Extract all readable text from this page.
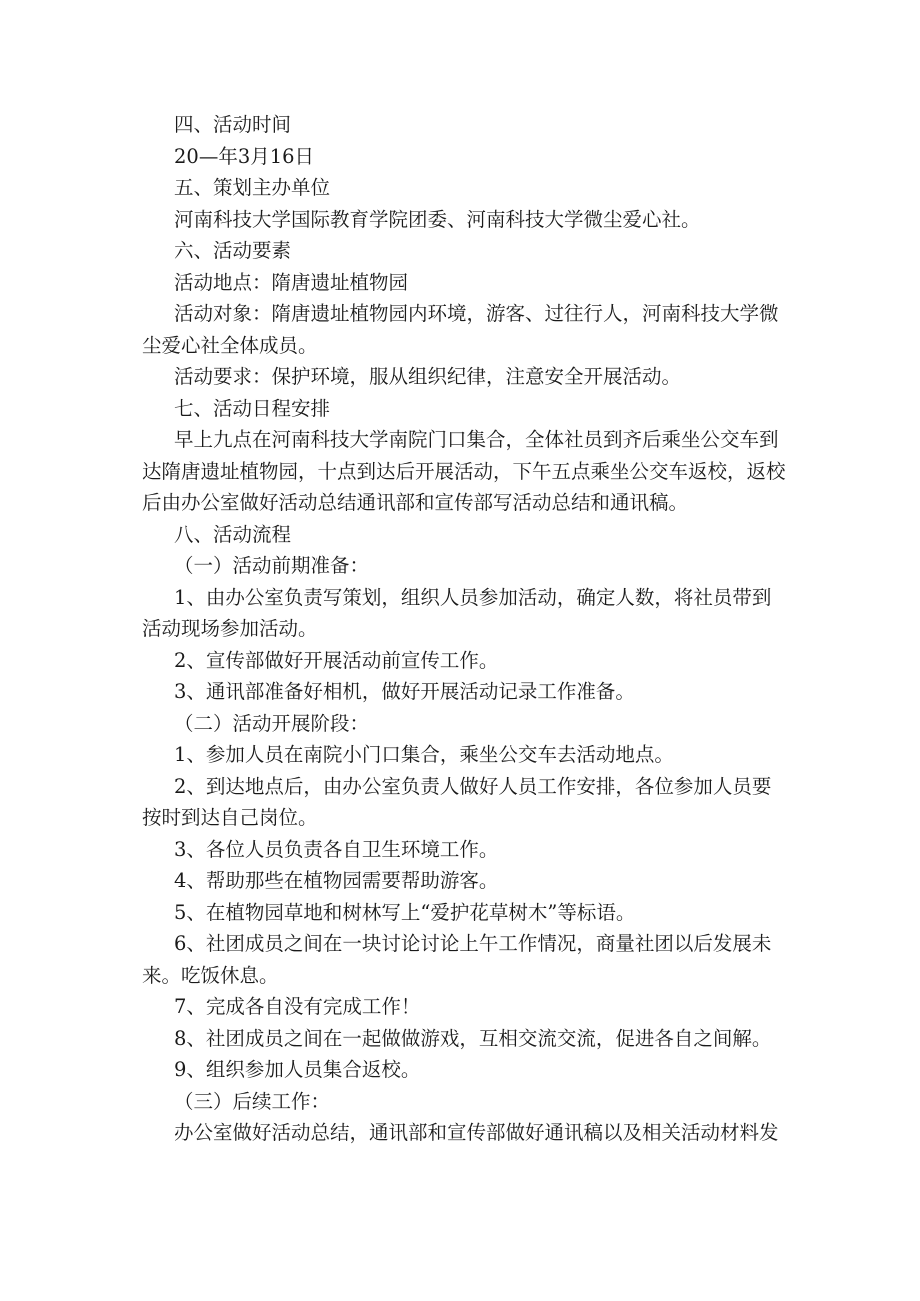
四、活动时间
20—年3月16日
五、策划主办单位
河南科技大学国际教育学院团委、河南科技大学微尘爱心社。
六、活动要素
活动地点：隋唐遗址植物园
活动对象：隋唐遗址植物园内环境，游客、过往行人，河南科技大学微
尘爱心社全体成员。
活动要求：保护环境，服从组织纪律，注意安全开展活动。
七、活动日程安排
早上九点在河南科技大学南院门口集合，全体社员到齐后乘坐公交车到
达隋唐遗址植物园，十点到达后开展活动，下午五点乘坐公交车返校，返校
后由办公室做好活动总结通讯部和宣传部写活动总结和通讯稿。
八、活动流程
（一）活动前期准备：
1、由办公室负责写策划，组织人员参加活动，确定人数，将社员带到
活动现场参加活动。
2、宣传部做好开展活动前宣传工作。
3、通讯部准备好相机，做好开展活动记录工作准备。
（二）活动开展阶段：
1、参加人员在南院小门口集合，乘坐公交车去活动地点。
2、到达地点后，由办公室负责人做好人员工作安排，各位参加人员要
按时到达自己岗位。
3、各位人员负责各自卫生环境工作。
4、帮助那些在植物园需要帮助游客。
5、在植物园草地和树林写上“爱护花草树木”等标语。
6、社团成员之间在一块讨论讨论上午工作情况，商量社团以后发展未
来。吃饭休息。
7、完成各自没有完成工作！
8、社团成员之间在一起做做游戏，互相交流交流，促进各自之间解。
9、组织参加人员集合返校。
（三）后续工作：
办公室做好活动总结，通讯部和宣传部做好通讯稿以及相关活动材料发
